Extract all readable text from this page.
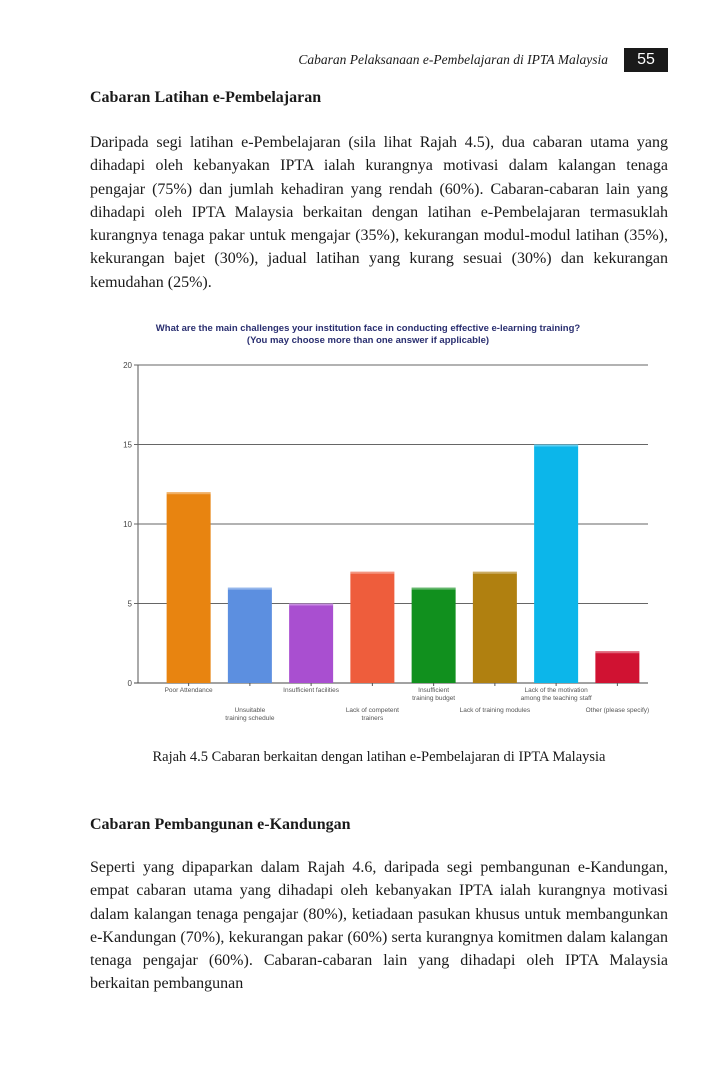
Cabaran Pelaksanaan e-Pembelajaran di IPTA Malaysia	55
Cabaran Latihan e-Pembelajaran

Daripada segi latihan e-Pembelajaran (sila lihat Rajah 4.5), dua cabaran utama yang dihadapi oleh kebanyakan IPTA ialah kurangnya motivasi dalam kalangan tenaga pengajar (75%) dan jumlah kehadiran yang rendah (60%). Cabaran-cabaran lain yang dihadapi oleh IPTA Malaysia berkaitan dengan latihan e-Pembelajaran termasuklah kurangnya tenaga pakar untuk mengajar (35%), kekurangan modul-modul latihan (35%), kekurangan bajet (30%), jadual latihan yang kurang sesuai (30%) dan kekurangan kemudahan (25%).

0
5
10
15
20
Poor Attendance
Unsuitable
training schedule
Insufficient facilities
Lack of competent
trainers
Insufficient
training budget
Lack of training modules
Lack of the motivation
among the teaching staff
Other (please specify)
What are the main challenges your institution face in conducting effective e-learning training?
(You may choose more than one answer if applicable)
Rajah 4.5 Cabaran berkaitan dengan latihan e-Pembelajaran di IPTA Malaysia
Cabaran Pembangunan e-Kandungan

Seperti yang dipaparkan dalam Rajah 4.6, daripada segi pembangunan e-Kandungan, empat cabaran utama yang dihadapi oleh kebanyakan IPTA ialah kurangnya motivasi dalam kalangan tenaga pengajar (80%), ketiadaan pasukan khusus untuk membangunkan e-Kandungan (70%), kekurangan pakar (60%) serta kurangnya komitmen dalam kalangan tenaga pengajar (60%). Cabaran-cabaran lain yang dihadapi oleh IPTA Malaysia berkaitan pembangunan
